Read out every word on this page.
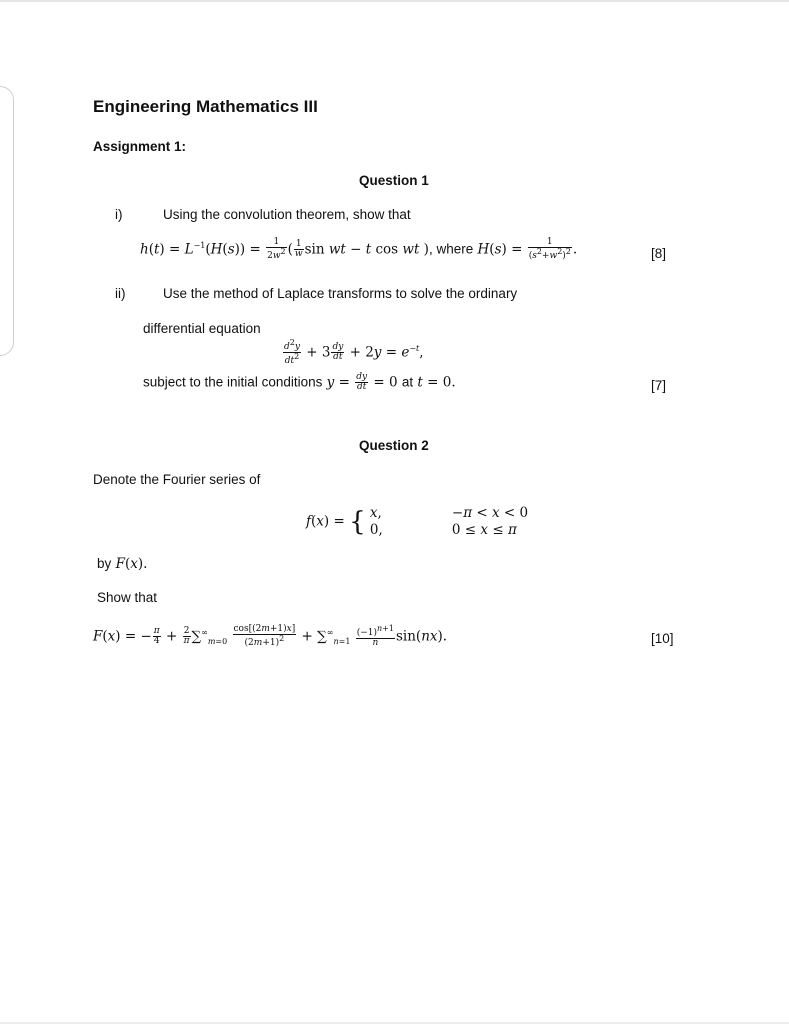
Engineering Mathematics III
Assignment 1:
Question 1
i)	Using the convolution theorem, show that
$h(t) = L^{-1}(H(s)) = \frac{1}{2w^2}$ ( $\frac{1}{w}$ sin wt − t cos wt ), where $H(s) = \frac{1}{(s^2+w^2)^2}$ .	[8]
ii)	Use the method of Laplace transforms to solve the ordinary
differential equation
$\frac{d^2y}{dt^2} + 3 \frac{dy}{dt} + 2y = e^{-t}$,
subject to the initial conditions $y = \frac{dy}{dt} = 0$ at t = 0.	[7]
Question 2
Denote the Fourier series of
f(x) = { x,	−π < x < 0
0,	0 ≤ x ≤ π
by F(x).
Show that
F(x) = − $\frac{\pi}{4} + \frac{2}{\pi} \sum^\infty_{m=0} \frac{\cos[(2m+1)x]}{(2m+1)^2} + \sum^\infty_{n=1} \frac{(-1)^{n+1}}{n} \sin(nx)$.	[10]
